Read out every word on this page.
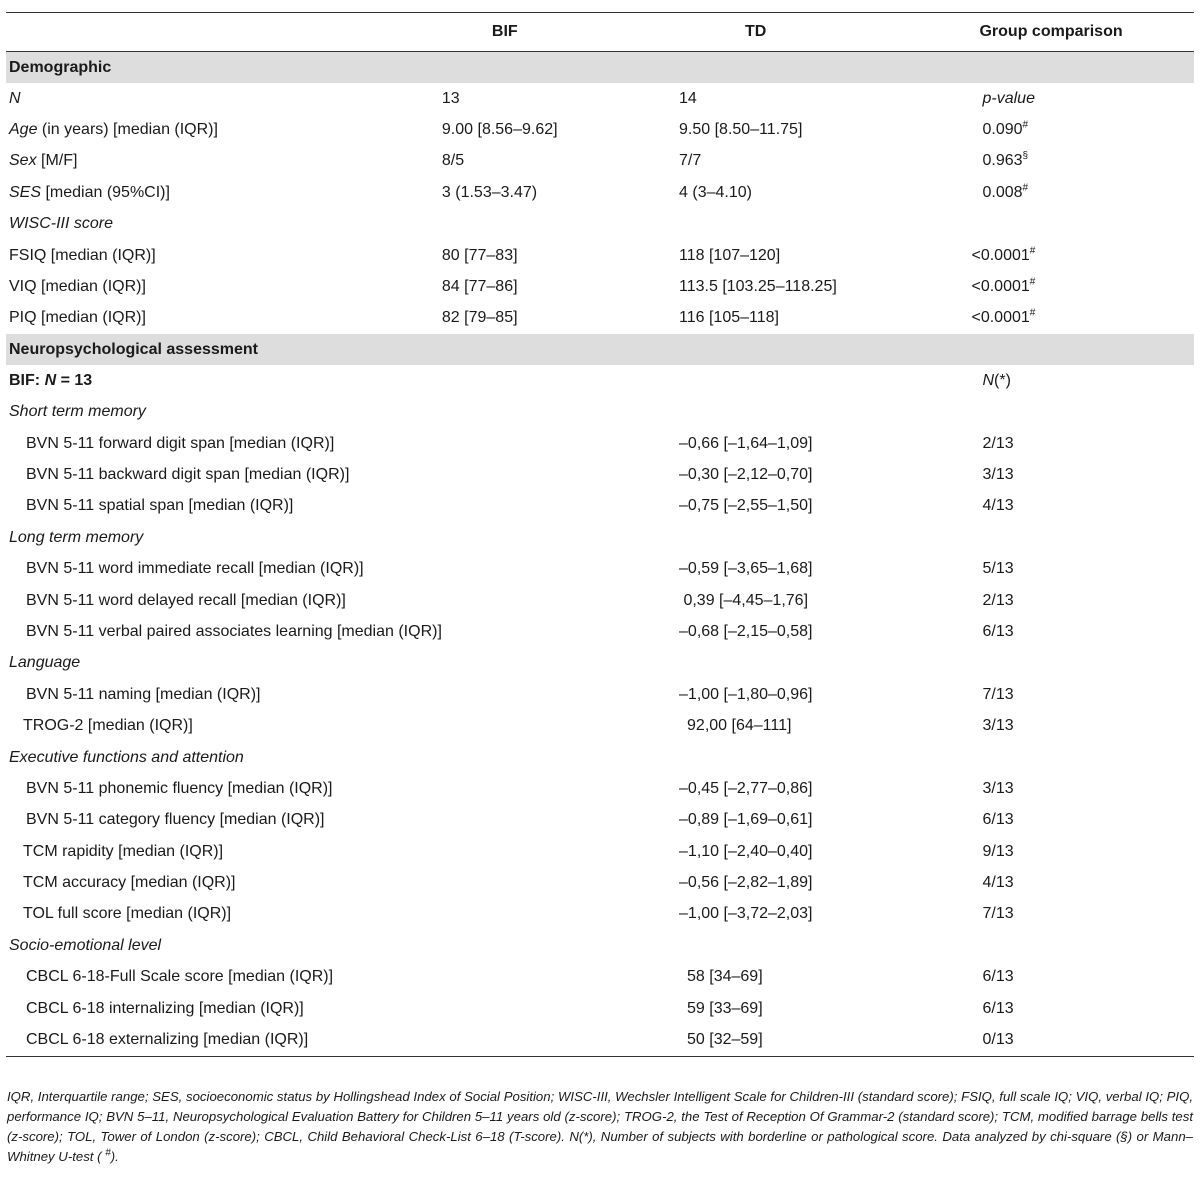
	BIF	TD	Group comparison
Demographic			
N	13	14	p-value
Age (in years) [median (IQR)]	9.00 [8.56–9.62]	9.50 [8.50–11.75]	0.090#
Sex [M/F]	8/5	7/7	0.963§
SES [median (95%CI)]	3 (1.53–3.47)	4 (3–4.10)	0.008#
WISC-III score			
FSIQ [median (IQR)]	80 [77–83]	118 [107–120]	<0.0001#
VIQ [median (IQR)]	84 [77–86]	113.5 [103.25–118.25]	<0.0001#
PIQ [median (IQR)]	82 [79–85]	116 [105–118]	<0.0001#
Neuropsychological assessment			
BIF: N = 13			N(*)
Short term memory			
BVN 5-11 forward digit span [median (IQR)]		–0,66 [–1,64–1,09]	2/13
BVN 5-11 backward digit span [median (IQR)]		–0,30 [–2,12–0,70]	3/13
BVN 5-11 spatial span [median (IQR)]		–0,75 [–2,55–1,50]	4/13
Long term memory			
BVN 5-11 word immediate recall [median (IQR)]		–0,59 [–3,65–1,68]	5/13
BVN 5-11 word delayed recall [median (IQR)]		0,39 [–4,45–1,76]	2/13
BVN 5-11 verbal paired associates learning [median (IQR)]		–0,68 [–2,15–0,58]	6/13
Language			
BVN 5-11 naming [median (IQR)]		–1,00 [–1,80–0,96]	7/13
TROG-2 [median (IQR)]		92,00 [64–111]	3/13
Executive functions and attention			
BVN 5-11 phonemic fluency [median (IQR)]		–0,45 [–2,77–0,86]	3/13
BVN 5-11 category fluency [median (IQR)]		–0,89 [–1,69–0,61]	6/13
TCM rapidity [median (IQR)]		–1,10 [–2,40–0,40]	9/13
TCM accuracy [median (IQR)]		–0,56 [–2,82–1,89]	4/13
TOL full score [median (IQR)]		–1,00 [–3,72–2,03]	7/13
Socio-emotional level			
CBCL 6-18-Full Scale score [median (IQR)]		58 [34–69]	6/13
CBCL 6-18 internalizing [median (IQR)]		59 [33–69]	6/13
CBCL 6-18 externalizing [median (IQR)]		50 [32–59]	0/13
IQR, Interquartile range; SES, socioeconomic status by Hollingshead Index of Social Position; WISC-III, Wechsler Intelligent Scale for Children-III (standard score); FSIQ, full scale IQ; VIQ, verbal IQ; PIQ, performance IQ; BVN 5–11, Neuropsychological Evaluation Battery for Children 5–11 years old (z-score); TROG-2, the Test of Reception Of Grammar-2 (standard score); TCM, modified barrage bells test (z-score); TOL, Tower of London (z-score); CBCL, Child Behavioral Check-List 6–18 (T-score). N(*), Number of subjects with borderline or pathological score. Data analyzed by chi-square (§) or Mann–Whitney U-test ( #).
